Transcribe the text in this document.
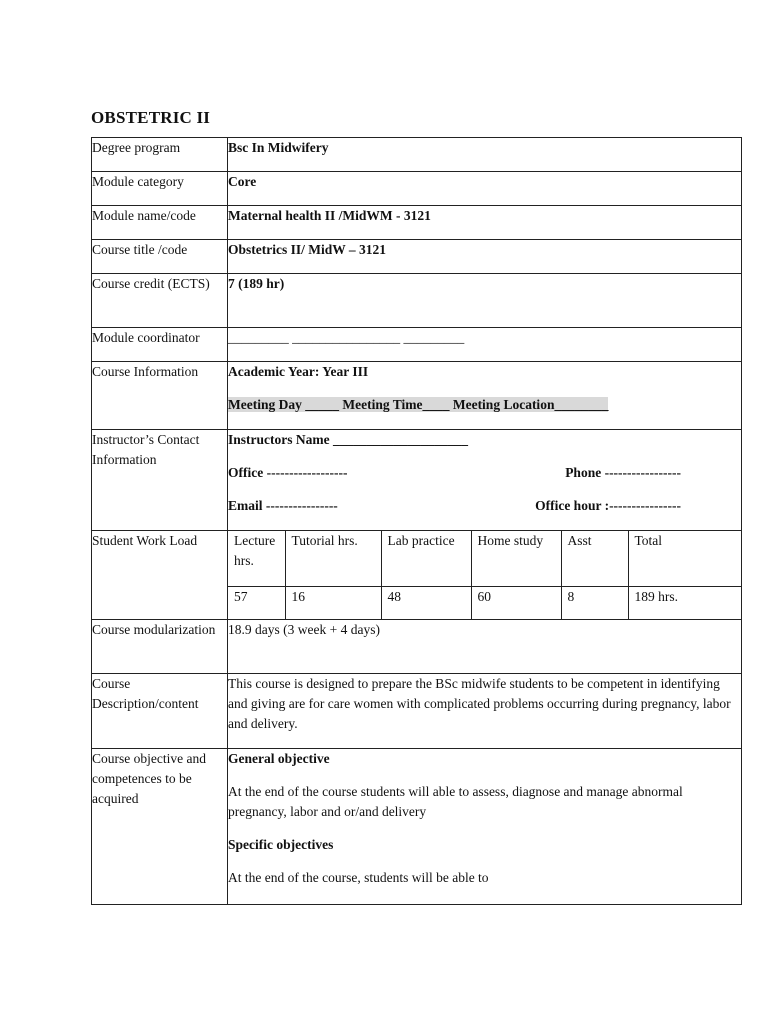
OBSTETRIC II
Degree program	Bsc In Midwifery
Module category	Core
Module name/code	Maternal health II /MidWM - 3121
Course title /code	Obstetrics II/ MidW – 3121
Course credit (ECTS)	7 (189 hr)
Module coordinator	_________ ________________ _________
Course Information	Academic Year: Year III
Meeting Day _____ Meeting Time____ Meeting Location________

Instructor’s Contact Information	
Instructors Name ____________________
Office ------------------	Phone -----------------
Email ----------------	Office hour :----------------

Student Work Load		Lecture hrs.	Tutorial hrs.	Lab practice	Home study	Asst	Total
57	16	48	60	8	189 hrs.

Course modularization	18.9 days (3 week + 4 days)
Course Description/content	This course is designed to prepare the BSc midwife students to be competent in identifying and giving are for care women with complicated problems occurring during pregnancy, labor and delivery.
Course objective and competences to be acquired	
General objective
At the end of the course students will able to assess, diagnose and manage abnormal pregnancy, labor and or/and delivery
Specific objectives
At the end of the course, students will be able to
